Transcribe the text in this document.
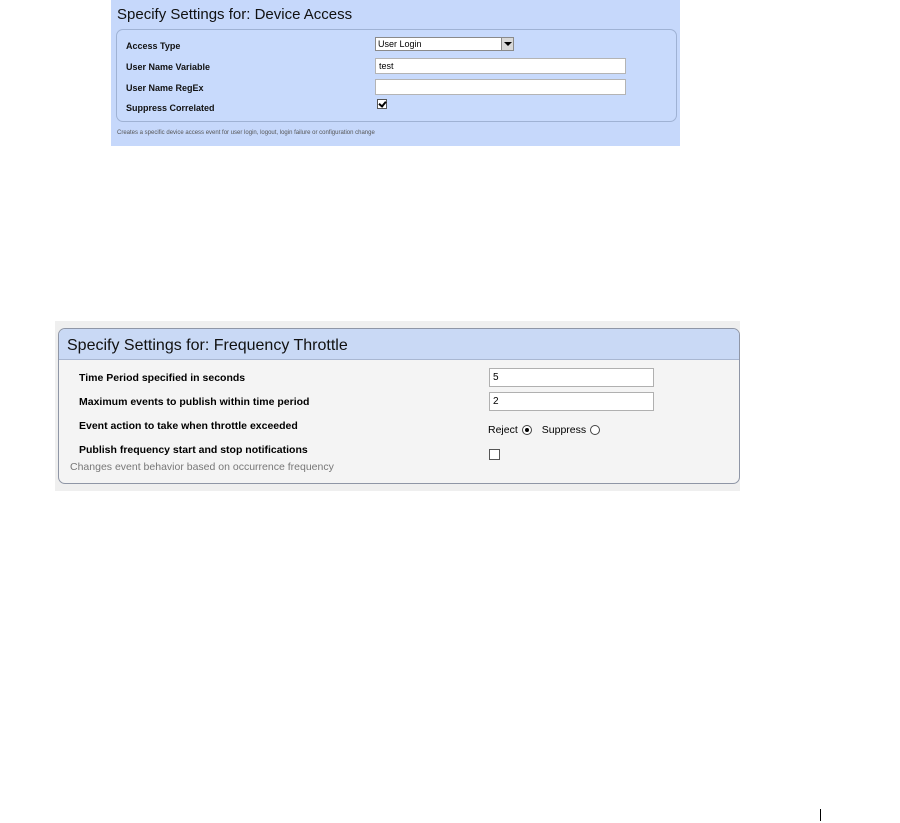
Specify Settings for: Device Access
Access Type	User Login
User Name Variable	test
User Name RegEx
Suppress Correlated
Creates a specific device access event for user login, logout, login failure or configuration change
Specify Settings for: Frequency Throttle
Time Period specified in seconds	5
Maximum events to publish within time period	2
Event action to take when throttle exceeded	Reject Suppress
Publish frequency start and stop notifications
Changes event behavior based on occurrence frequency
